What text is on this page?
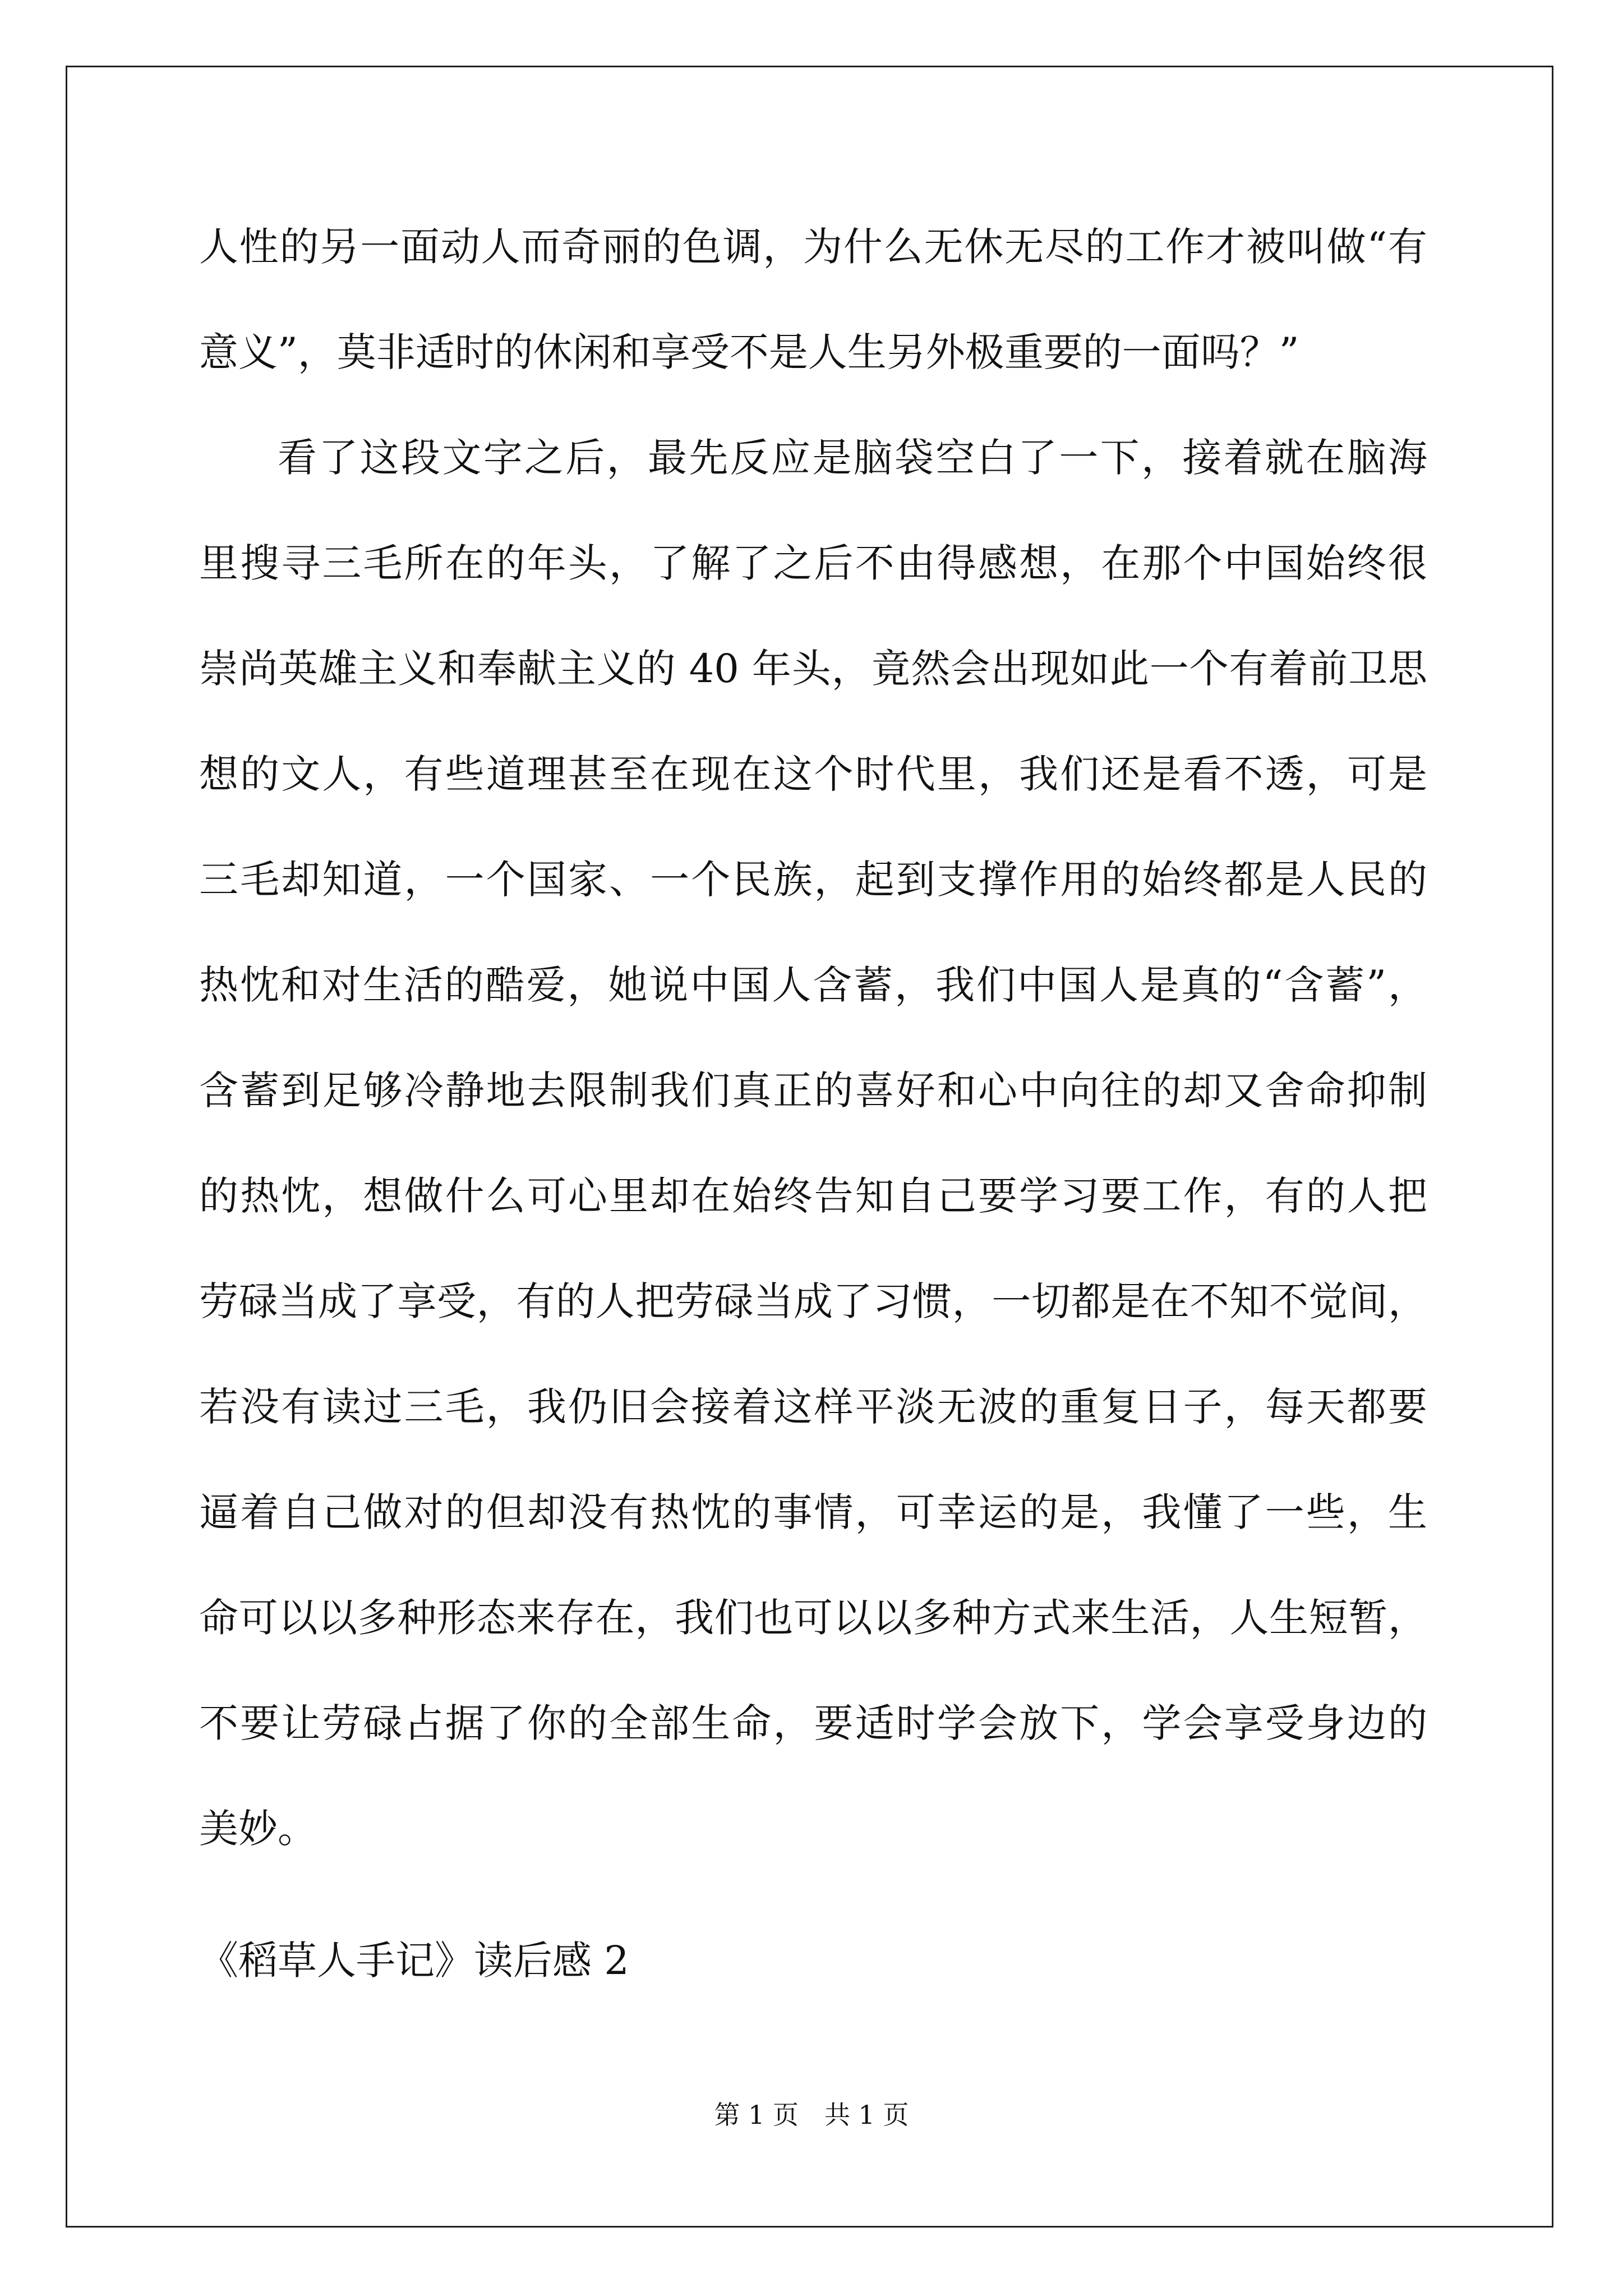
人性的另一面动人而奇丽的色调，为什么无休无尽的工作才被叫做“有
意义”，莫非适时的休闲和享受不是人生另外极重要的一面吗？”
看了这段文字之后，最先反应是脑袋空白了一下，接着就在脑海
里搜寻三毛所在的年头，了解了之后不由得感想，在那个中国始终很
崇尚英雄主义和奉献主义的 40 年头，竟然会出现如此一个有着前卫思
想的文人，有些道理甚至在现在这个时代里，我们还是看不透，可是
三毛却知道，一个国家、一个民族，起到支撑作用的始终都是人民的
热忱和对生活的酷爱，她说中国人含蓄，我们中国人是真的“含蓄”，
含蓄到足够冷静地去限制我们真正的喜好和心中向往的却又舍命抑制
的热忱，想做什么可心里却在始终告知自己要学习要工作，有的人把
劳碌当成了享受，有的人把劳碌当成了习惯，一切都是在不知不觉间，
若没有读过三毛，我仍旧会接着这样平淡无波的重复日子，每天都要
逼着自己做对的但却没有热忱的事情，可幸运的是，我懂了一些，生
命可以以多种形态来存在，我们也可以以多种方式来生活，人生短暂，
不要让劳碌占据了你的全部生命，要适时学会放下，学会享受身边的
美妙。
《稻草人手记》读后感 2
第 1 页　共 1 页
